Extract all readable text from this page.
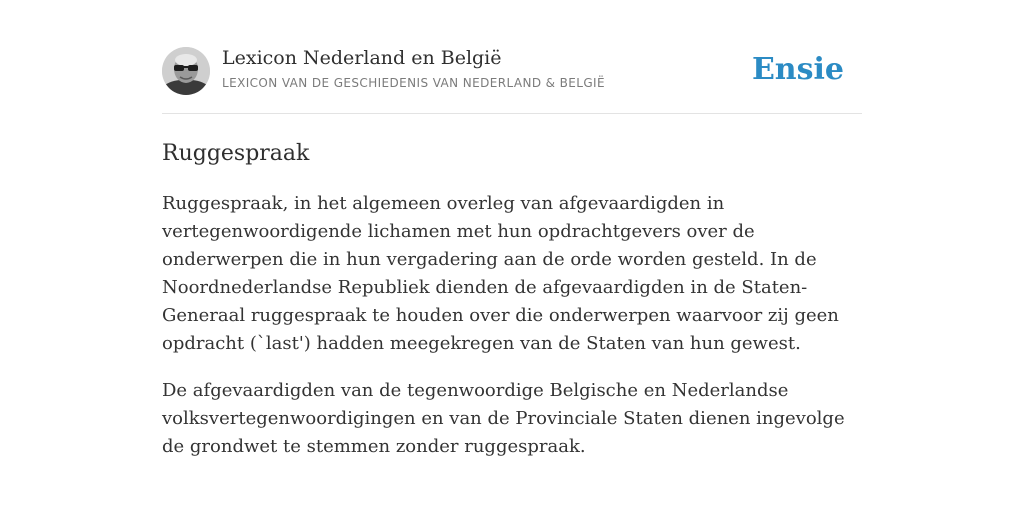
Lexicon Nederland en België
LEXICON VAN DE GESCHIEDENIS VAN NEDERLAND & BELGIË	Ensie
Ruggespraak

Ruggespraak, in het algemeen overleg van afgevaardigden in vertegenwoordigende lichamen met hun opdrachtgevers over de onderwerpen die in hun vergadering aan de orde worden gesteld. In de Noordnederlandse Republiek dienden de afgevaardigden in de Staten-Generaal ruggespraak te houden over die onderwerpen waarvoor zij geen opdracht (`last') hadden meegekregen van de Staten van hun gewest.

De afgevaardigden van de tegenwoordige Belgische en Nederlandse volksvertegenwoordigingen en van de Provinciale Staten dienen ingevolge de grondwet te stemmen zonder ruggespraak.
